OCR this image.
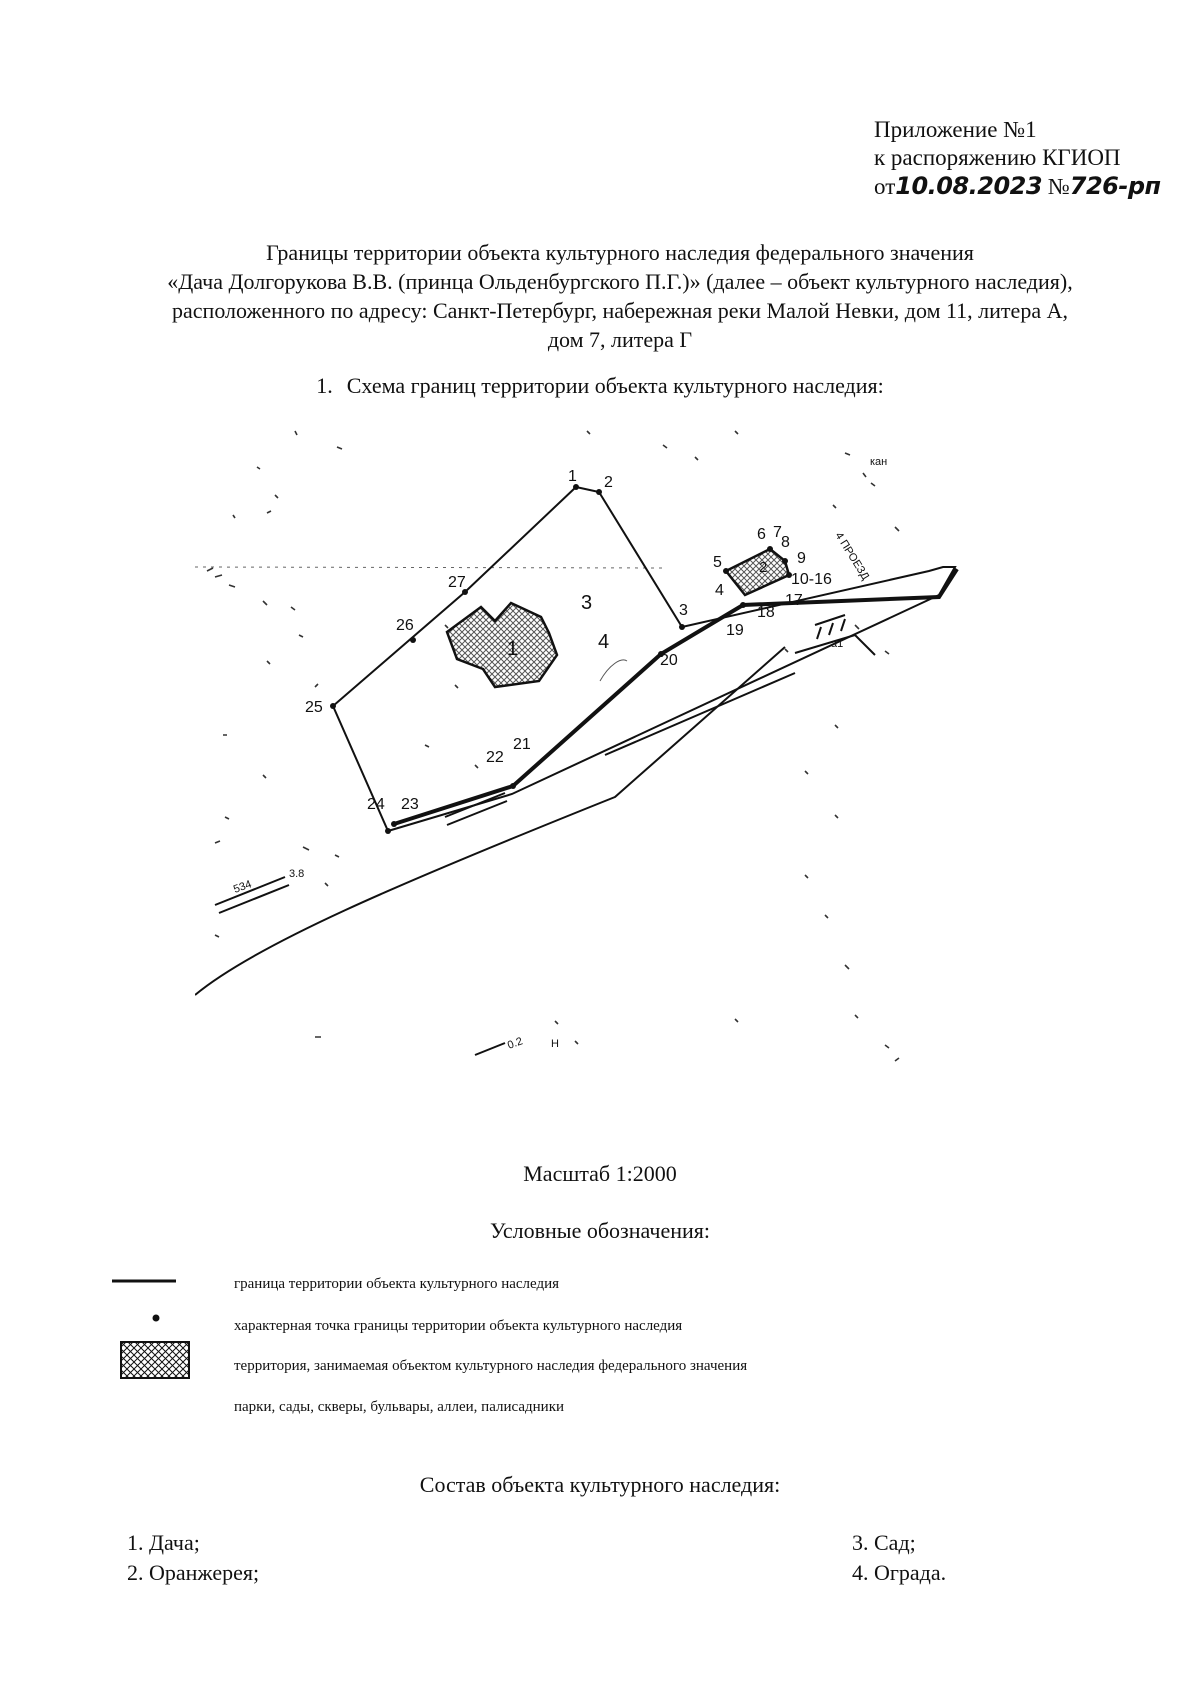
Приложение №1
к распоряжению КГИОП
от10.08.2023 №726-рп
Границы территории объекта культурного наследия федерального значения
«Дача Долгорукова В.В. (принца Ольденбургского П.Г.)» (далее – объект культурного наследия),
расположенного по адресу: Санкт-Петербург, набережная реки Малой Невки, дом 11, литера А,
дом 7, литера Г
1. Схема границ территории объекта культурного наследия:
1 2
3
4
5
6 7
8
9
10-16
17
18
19
20
21
22
23
24
25
26
27
1
2
3
4
4 ПРОЕЗД
кан
а1
534
3.8
0.2 Н
Масштаб 1:2000
Условные обозначения:
граница территории объекта культурного наследия
характерная точка границы территории объекта культурного наследия
территория, занимаемая объектом культурного наследия федерального значения
парки, сады, скверы, бульвары, аллеи, палисадники
Состав объекта культурного наследия:
1. Дача;
2. Оранжерея;
3. Сад;
4. Ограда.
